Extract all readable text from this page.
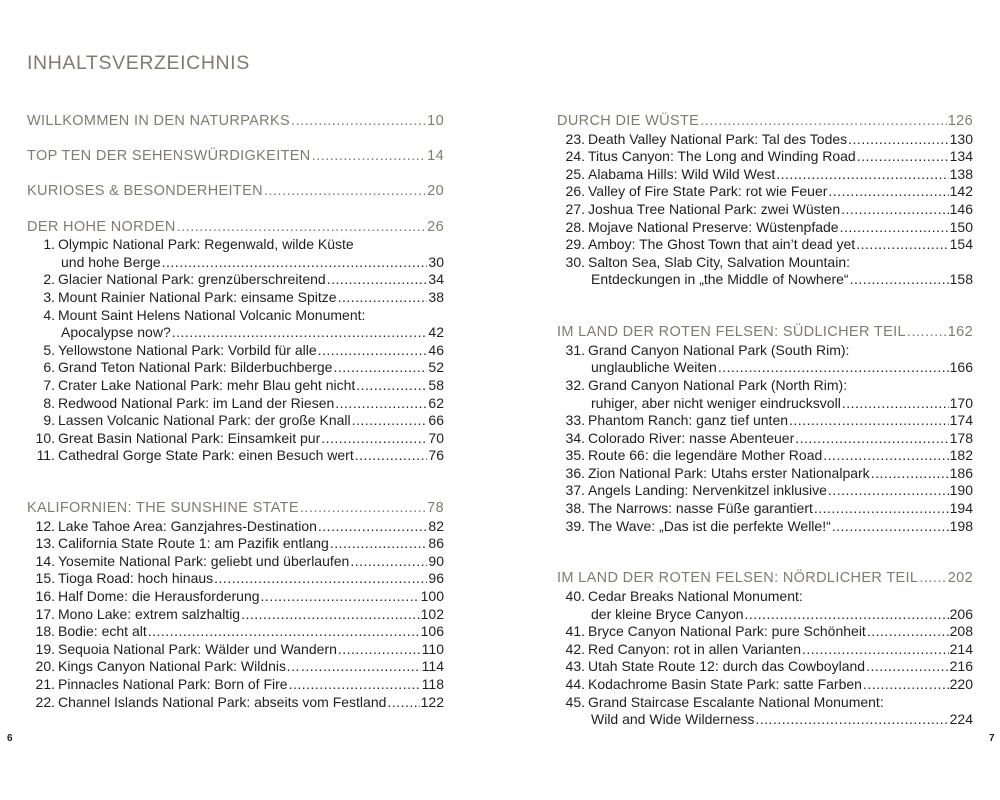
INHALTSVERZEICHNIS
WILLKOMMEN IN DEN NATURPARKS .....	10
TOP TEN DER SEHENSWÜRDIGKEITEN .....	14
KURIOSES & BESONDERHEITEN .....	20
DER HOHE NORDEN .....	26
1. Olympic National Park: Regenwald, wilde Küste
und hohe Berge .....	30
2. Glacier National Park: grenzüberschreitend .....	34
3. Mount Rainier National Park: einsame Spitze .....	38
4. Mount Saint Helens National Volcanic Monument:
Apocalypse now? .....	42
5. Yellowstone National Park: Vorbild für alle .....	46
6. Grand Teton National Park: Bilderbuchberge .....	52
7. Crater Lake National Park: mehr Blau geht nicht .....	58
8. Redwood National Park: im Land der Riesen .....	62
9. Lassen Volcanic National Park: der große Knall .....	66
10. Great Basin National Park: Einsamkeit pur .....	70
11. Cathedral Gorge State Park: einen Besuch wert .....	76
KALIFORNIEN: THE SUNSHINE STATE .....	78
12. Lake Tahoe Area: Ganzjahres-Destination .....	82
13. California State Route 1: am Pazifik entlang .....	86
14. Yosemite National Park: geliebt und überlaufen .....	90
15. Tioga Road: hoch hinaus .....	96
16. Half Dome: die Herausforderung .....	100
17. Mono Lake: extrem salzhaltig .....	102
18. Bodie: echt alt .....	106
19. Sequoia National Park: Wälder und Wandern .....	110
20. Kings Canyon National Park: Wildnis… .....	114
21. Pinnacles National Park: Born of Fire .....	118
22. Channel Islands National Park: abseits vom Festland ..... 122
DURCH DIE WÜSTE .....	126
23. Death Valley National Park: Tal des Todes .....	130
24. Titus Canyon: The Long and Winding Road .....	134
25. Alabama Hills: Wild Wild West .....	138
26. Valley of Fire State Park: rot wie Feuer .....	142
27. Joshua Tree National Park: zwei Wüsten .....	146
28. Mojave National Preserve: Wüstenpfade .....	150
29. Amboy: The Ghost Town that ain’t dead yet .....	154
30. Salton Sea, Slab City, Salvation Mountain:
Entdeckungen in „the Middle of Nowhere“ .....	158
IM LAND DER ROTEN FELSEN: SÜDLICHER TEIL .....	162
31. Grand Canyon National Park (South Rim):
unglaubliche Weiten .....	166
32. Grand Canyon National Park (North Rim):
ruhiger, aber nicht weniger eindrucksvoll .....	170
33. Phantom Ranch: ganz tief unten .....	174
34. Colorado River: nasse Abenteuer .....	178
35. Route 66: die legendäre Mother Road .....	182
36. Zion National Park: Utahs erster Nationalpark .....	186
37. Angels Landing: Nervenkitzel inklusive .....	190
38. The Narrows: nasse Füße garantiert .....	194
39. The Wave: „Das ist die perfekte Welle!“ .....	198
IM LAND DER ROTEN FELSEN: NÖRDLICHER TEIL ..... 202
40. Cedar Breaks National Monument:
der kleine Bryce Canyon .....	206
41. Bryce Canyon National Park: pure Schönheit .....	208
42. Red Canyon: rot in allen Varianten .....	214
43. Utah State Route 12: durch das Cowboyland .....	216
44. Kodachrome Basin State Park: satte Farben .....	220
45. Grand Staircase Escalante National Monument:
Wild and Wide Wilderness .....	224
6	7
